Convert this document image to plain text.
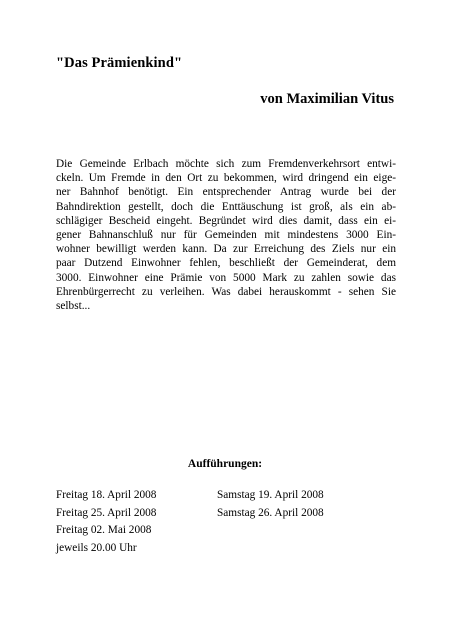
"Das Prämienkind"
von Maximilian Vitus
Die Gemeinde Erlbach möchte sich zum Fremdenverkehrsort entwi-
ckeln. Um Fremde in den Ort zu bekommen, wird dringend ein eige-
ner Bahnhof benötigt. Ein entsprechender Antrag wurde bei der
Bahndirektion gestellt, doch die Enttäuschung ist groß, als ein ab-
schlägiger Bescheid eingeht. Begründet wird dies damit, dass ein ei-
gener Bahnanschluß nur für Gemeinden mit mindestens 3000 Ein-
wohner bewilligt werden kann. Da zur Erreichung des Ziels nur ein
paar Dutzend Einwohner fehlen, beschließt der Gemeinderat, dem
3000. Einwohner eine Prämie von 5000 Mark zu zahlen sowie das
Ehrenbürgerrecht zu verleihen. Was dabei herauskommt - sehen Sie
selbst...
Aufführungen:
Freitag 18. April 2008
Freitag 25. April 2008
Freitag 02. Mai 2008
jeweils 20.00 Uhr
Samstag 19. April 2008
Samstag 26. April 2008
